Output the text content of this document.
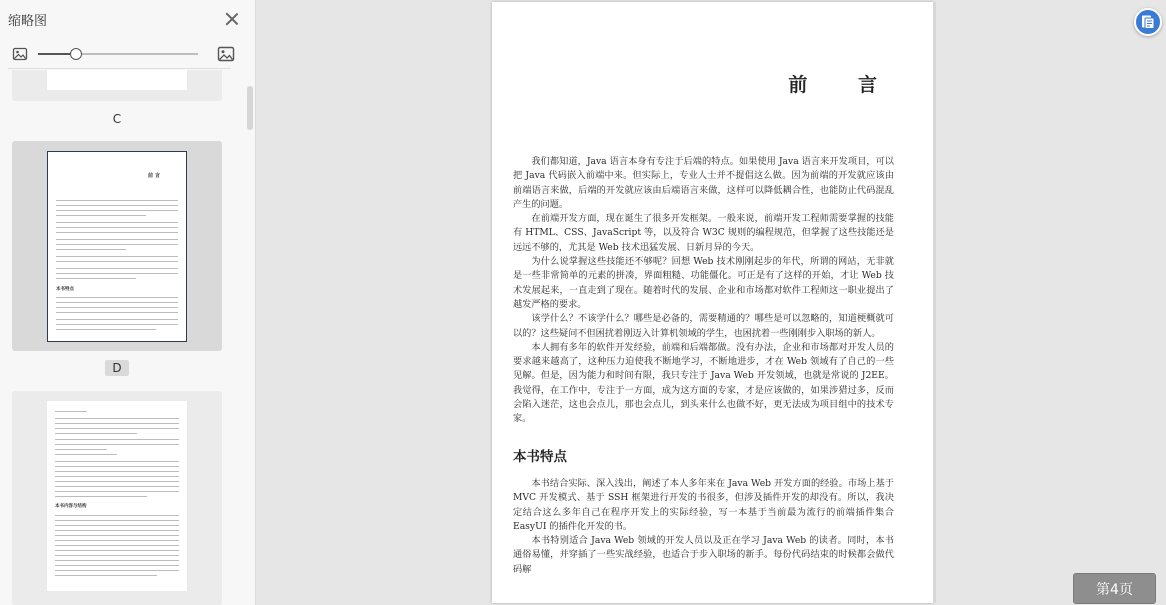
缩略图
C
前言
本书特点
D
本书内容与结构
前 言

我们都知道，Java 语言本身有专注于后端的特点。如果使用 Java 语言来开发项目，可以把 Java 代码嵌入前端中来。但实际上，专业人士并不提倡这么做。因为前端的开发就应该由前端语言来做，后端的开发就应该由后端语言来做，这样可以降低耦合性，也能防止代码混乱产生的问题。

在前端开发方面，现在诞生了很多开发框架。一般来说，前端开发工程师需要掌握的技能有 HTML、CSS、JavaScript 等，以及符合 W3C 规则的编程规范，但掌握了这些技能还是远远不够的，尤其是 Web 技术迅猛发展、日新月异的今天。

为什么说掌握这些技能还不够呢？回想 Web 技术刚刚起步的年代，所谓的网站，无非就是一些非常简单的元素的拼凑，界面粗糙、功能僵化。可正是有了这样的开始，才让 Web 技术发展起来，一直走到了现在。随着时代的发展、企业和市场都对软件工程师这一职业提出了越发严格的要求。

该学什么？不该学什么？哪些是必备的，需要精通的？哪些是可以忽略的，知道梗概就可以的？这些疑问不但困扰着刚迈入计算机领域的学生，也困扰着一些刚刚步入职场的新人。

本人拥有多年的软件开发经验，前端和后端都做。没有办法，企业和市场都对开发人员的要求越来越高了，这种压力迫使我不断地学习，不断地进步，才在 Web 领域有了自己的一些见解。但是，因为能力和时间有限，我只专注于 Java Web 开发领域，也就是常说的 J2EE。我觉得，在工作中，专注于一方面，成为这方面的专家，才是应该做的，如果涉猎过多，反而会陷入迷茫，这也会点儿，那也会点儿，到头来什么也做不好，更无法成为项目组中的技术专家。

本书特点

本书结合实际、深入浅出，阐述了本人多年来在 Java Web 开发方面的经验。市场上基于 MVC 开发模式、基于 SSH 框架进行开发的书很多，但涉及插件开发的却没有。所以，我决定结合这么多年自己在程序开发上的实际经验，写一本基于当前最为流行的前端插件集合 EasyUI 的插件化开发的书。

本书特别适合 Java Web 领域的开发人员以及正在学习 Java Web 的读者。同时，本书通俗易懂，并穿插了一些实战经验，也适合于步入职场的新手。每份代码结束的时候都会做代码解

第4页
